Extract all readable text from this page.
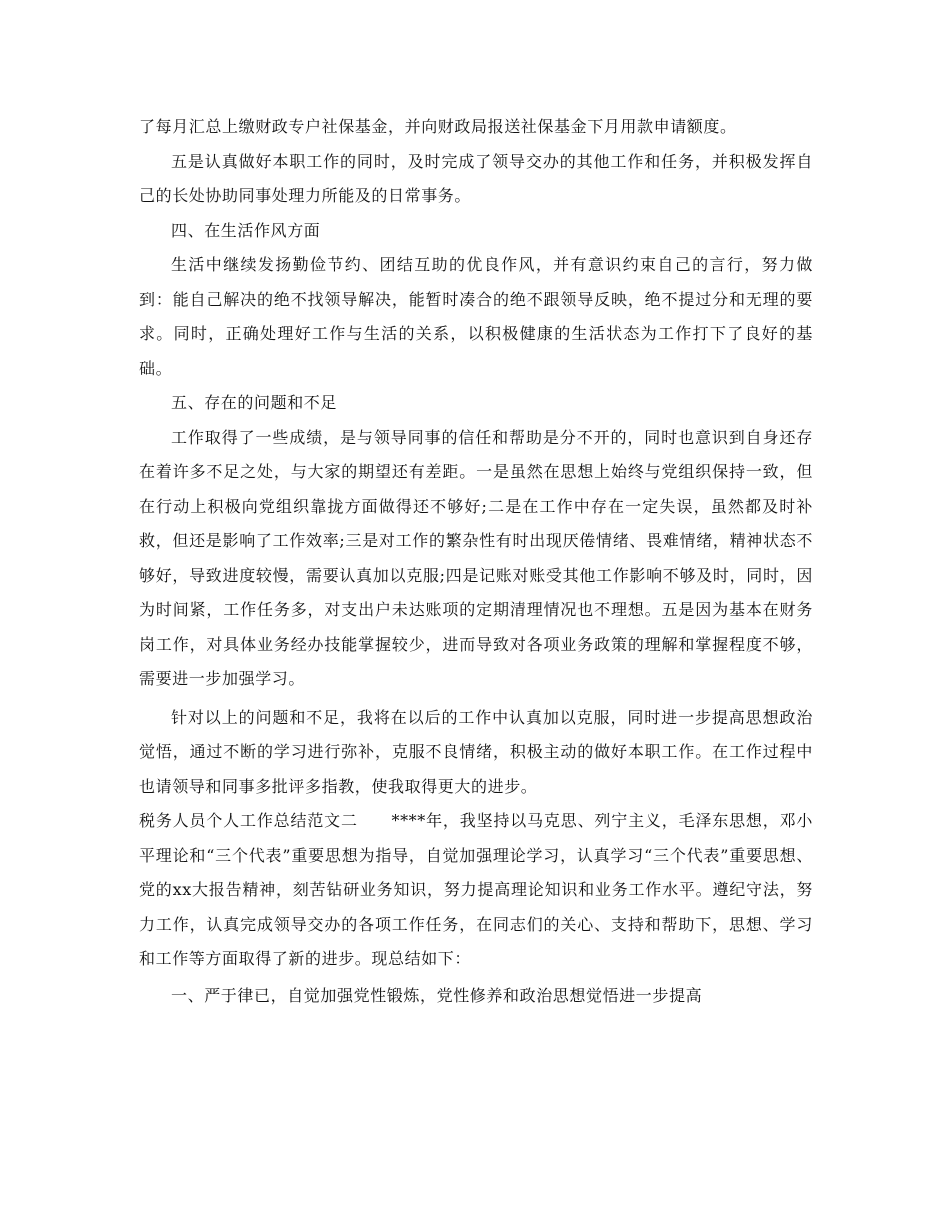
了每月汇总上缴财政专户社保基金，并向财政局报送社保基金下月用款申请额度。

五是认真做好本职工作的同时，及时完成了领导交办的其他工作和任务，并积极发挥自己的长处协助同事处理力所能及的日常事务。

四、在生活作风方面

生活中继续发扬勤俭节约、团结互助的优良作风，并有意识约束自己的言行，努力做到：能自己解决的绝不找领导解决，能暂时凑合的绝不跟领导反映，绝不提过分和无理的要求。同时，正确处理好工作与生活的关系，以积极健康的生活状态为工作打下了良好的基础。

五、存在的问题和不足

工作取得了一些成绩，是与领导同事的信任和帮助是分不开的，同时也意识到自身还存在着许多不足之处，与大家的期望还有差距。一是虽然在思想上始终与党组织保持一致，但在行动上积极向党组织靠拢方面做得还不够好;二是在工作中存在一定失误，虽然都及时补救，但还是影响了工作效率;三是对工作的繁杂性有时出现厌倦情绪、畏难情绪，精神状态不够好，导致进度较慢，需要认真加以克服;四是记账对账受其他工作影响不够及时，同时，因为时间紧，工作任务多，对支出户未达账项的定期清理情况也不理想。五是因为基本在财务岗工作，对具体业务经办技能掌握较少，进而导致对各项业务政策的理解和掌握程度不够，需要进一步加强学习。

针对以上的问题和不足，我将在以后的工作中认真加以克服，同时进一步提高思想政治觉悟，通过不断的学习进行弥补，克服不良情绪，积极主动的做好本职工作。在工作过程中也请领导和同事多批评多指教，使我取得更大的进步。

税务人员个人工作总结范文二　　****年，我坚持以马克思、列宁主义，毛泽东思想，邓小平理论和“三个代表”重要思想为指导，自觉加强理论学习，认真学习“三个代表”重要思想、党的xx大报告精神，刻苦钻研业务知识，努力提高理论知识和业务工作水平。遵纪守法，努力工作，认真完成领导交办的各项工作任务，在同志们的关心、支持和帮助下，思想、学习和工作等方面取得了新的进步。现总结如下：

一、严于律已，自觉加强党性锻炼，党性修养和政治思想觉悟进一步提高
